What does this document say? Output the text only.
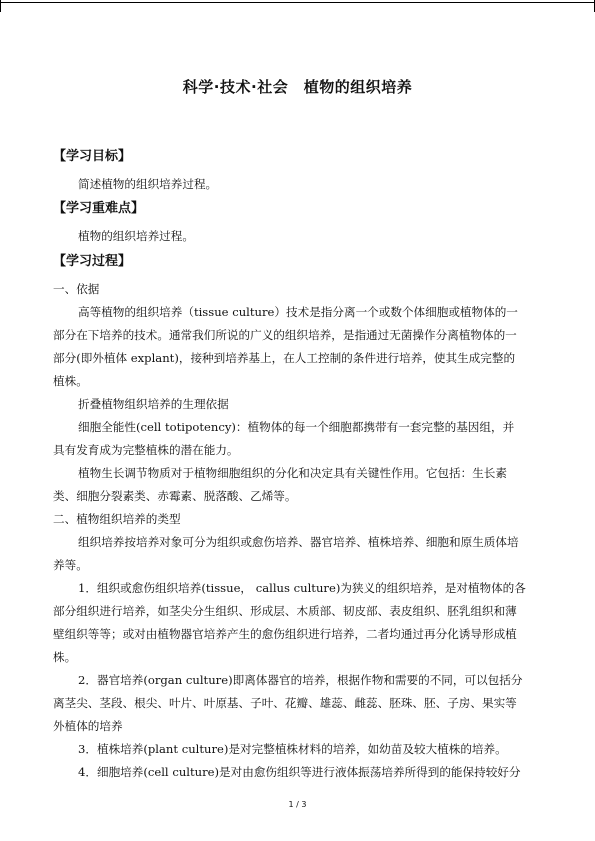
科学·技术·社会　植物的组织培养
【学习目标】
简述植物的组织培养过程。
【学习重难点】
植物的组织培养过程。
【学习过程】
一、依据
高等植物的组织培养（tissue culture）技术是指分离一个或数个体细胞或植物体的一
部分在下培养的技术。通常我们所说的广义的组织培养，是指通过无菌操作分离植物体的一
部分(即外植体 explant)，接种到培养基上，在人工控制的条件进行培养，使其生成完整的
植株。
折叠植物组织培养的生理依据
细胞全能性(cell totipotency)：植物体的每一个细胞都携带有一套完整的基因组，并
具有发育成为完整植株的潜在能力。
植物生长调节物质对于植物细胞组织的分化和决定具有关键性作用。它包括：生长素
类、细胞分裂素类、赤霉素、脱落酸、乙烯等。
二、植物组织培养的类型
组织培养按培养对象可分为组织或愈伤培养、器官培养、植株培养、细胞和原生质体培
养等。
1．组织或愈伤组织培养(tissue， callus culture)为狭义的组织培养，是对植物体的各
部分组织进行培养，如茎尖分生组织、形成层、木质部、韧皮部、表皮组织、胚乳组织和薄
壁组织等等；或对由植物器官培养产生的愈伤组织进行培养，二者均通过再分化诱导形成植
株。
2．器官培养(organ culture)即离体器官的培养，根据作物和需要的不同，可以包括分
离茎尖、茎段、根尖、叶片、叶原基、子叶、花瓣、雄蕊、雌蕊、胚珠、胚、子房、果实等
外植体的培养
3．植株培养(plant culture)是对完整植株材料的培养，如幼苗及较大植株的培养。
4．细胞培养(cell culture)是对由愈伤组织等进行液体振荡培养所得到的能保持较好分
1 / 3
